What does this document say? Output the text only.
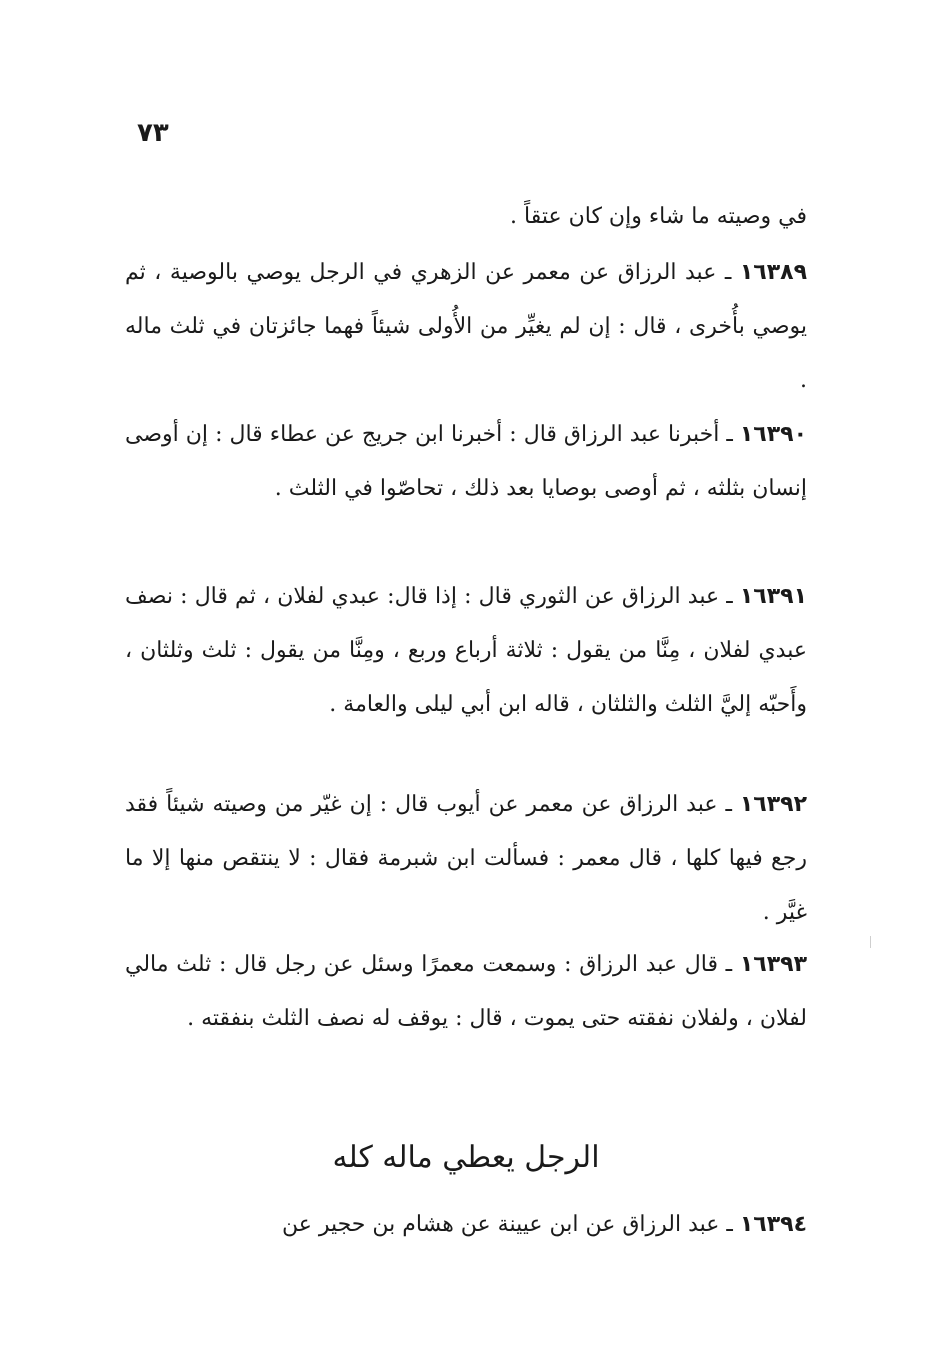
٧٣
في وصيته ما شاء وإن كان عتقاً .
١٦٣٨٩ ـ عبد الرزاق عن معمر عن الزهري في الرجل يوصي بالوصية ، ثم يوصي بأُخرى ، قال : إن لم يغيِّر من الأُولى شيئاً فهما جائزتان في ثلث ماله .
١٦٣٩٠ ـ أخبرنا عبد الرزاق قال : أخبرنا ابن جريج عن عطاء قال : إن أوصى إنسان بثلثه ، ثم أوصى بوصايا بعد ذلك ، تحاصّوا في الثلث .
١٦٣٩١ ـ عبد الرزاق عن الثوري قال : إذا قال: عبدي لفلان ، ثم قال : نصف عبدي لفلان ، مِنَّا من يقول : ثلاثة أرباع وربع ، ومِنَّا من يقول : ثلث وثلثان ، وأَحبّه إليَّ الثلث والثلثان ، قاله ابن أبي ليلى والعامة .
١٦٣٩٢ ـ عبد الرزاق عن معمر عن أيوب قال : إن غيّر من وصيته شيئاً فقد رجع فيها كلها ، قال معمر : فسألت ابن شبرمة فقال : لا ينتقص منها إلا ما غيَّر .
١٦٣٩٣ ـ قال عبد الرزاق : وسمعت معمرًا وسئل عن رجل قال : ثلث مالي لفلان ، ولفلان نفقته حتى يموت ، قال : يوقف له نصف الثلث بنفقته .
الرجل يعطي ماله كله
١٦٣٩٤ ـ عبد الرزاق عن ابن عيينة عن هشام بن حجير عن
